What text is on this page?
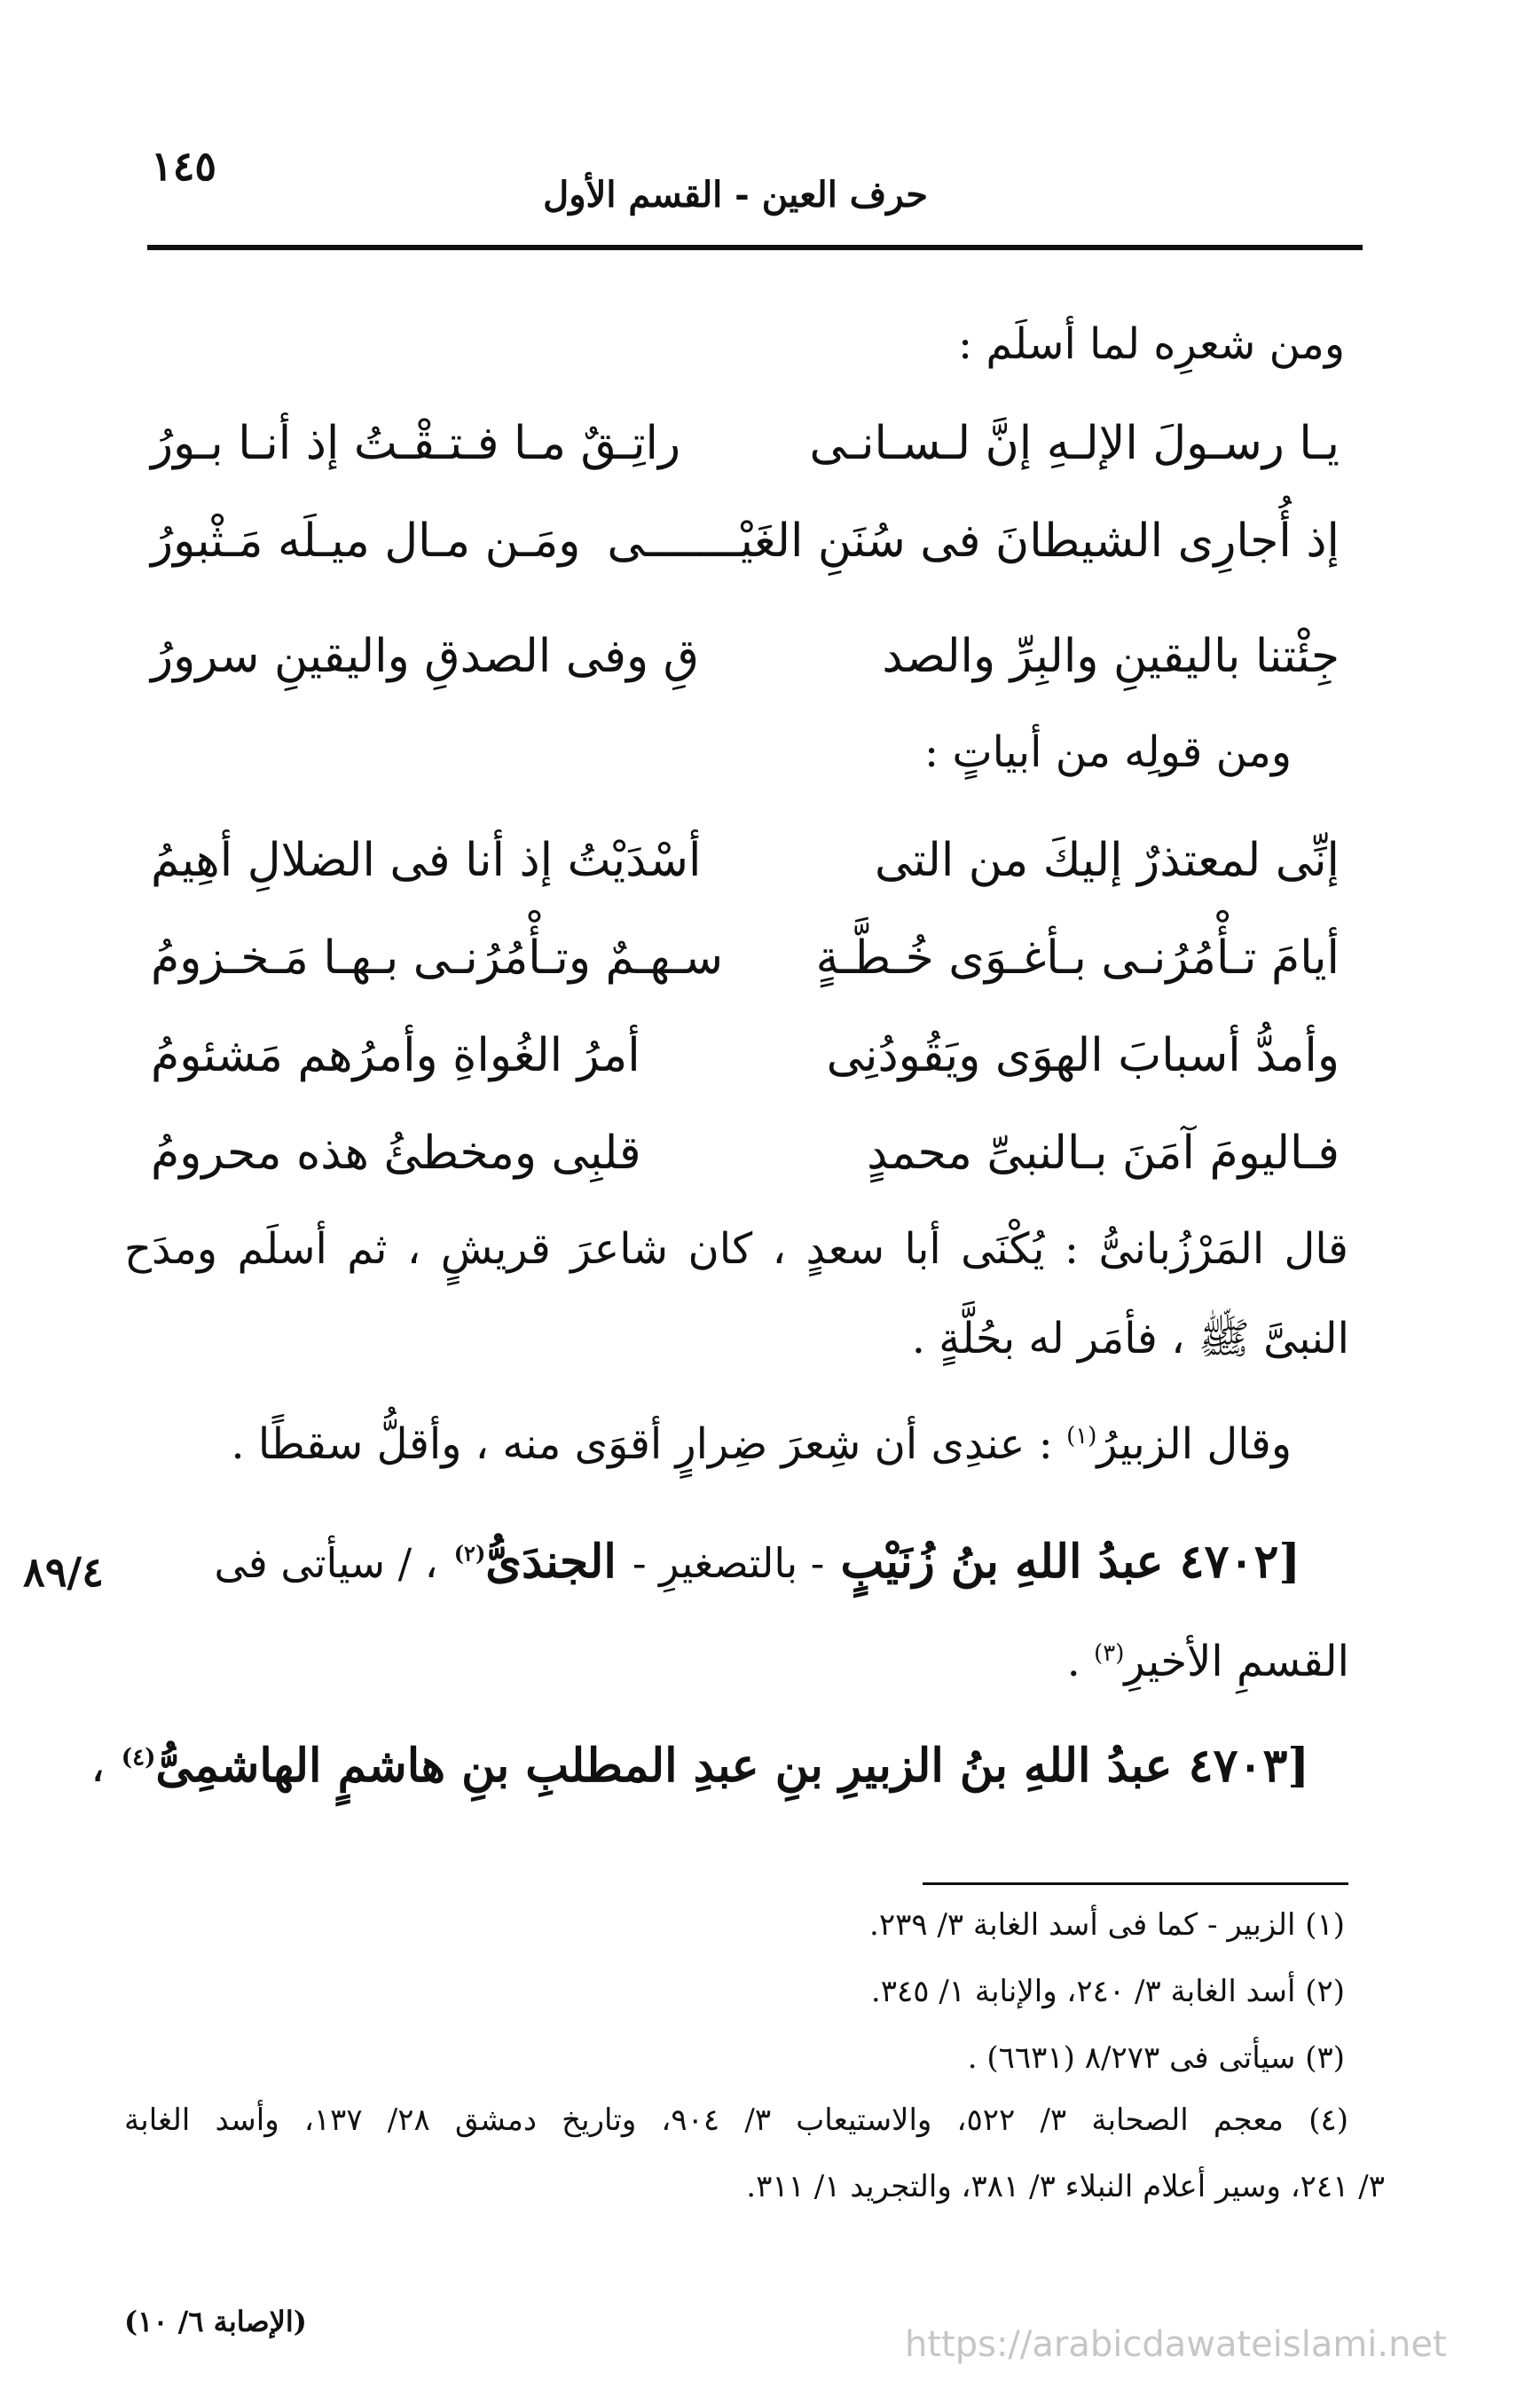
١٤٥
حرف العين - القسم الأول
ومن شعرِه لما أسلَم :
يـا رسـولَ الإلـهِ إنَّ لـسـانـى
راتِـقٌ مـا فـتـقْـتُ إذ أنـا بـورُ
إذ أُجارِى الشيطانَ فى سُنَنِ الغَيْـــــــى
ومَـن مـال ميـلَه مَـثْبورُ
جِئْتنا باليقينِ والبِرِّ والصد
قِ وفى الصدقِ واليقينِ سرورُ
ومن قولِه من أبياتٍ :
إنِّى لمعتذرٌ إليكَ من التى
أسْدَيْتُ إذ أنا فى الضلالِ أهِيمُ
أيامَ تـأْمُرُنـى بـأغـوَى خُـطَّـةٍ
سـهـمٌ وتـأْمُرُنـى بـهـا مَـخـزومُ
وأمدُّ أسبابَ الهوَى ويَقُودُنِى
أمرُ الغُواةِ وأمرُهم مَشئومُ
فـاليومَ آمَنَ بـالنبىِّ محمدٍ
قلبِى ومخطئُ هذه محرومُ
قال المَرْزُبانىُّ : يُكْنَى أبا سعدٍ ، كان شاعرَ قريشٍ ، ثم أسلَم ومدَح
النبىَّ ﷺ ، فأمَر له بحُلَّةٍ .
وقال الزبيرُ$^{(١)}$ : عندِى أن شِعرَ ضِرارٍ أقوَى منه ، وأقلُّ سقطًا .
[٤٧٠٢ عبدُ اللهِ بنُ زُنَيْبٍ - بالتصغيرِ - الجندَىُّ$^{(٢)}$ ، / سيأتى فى
٨٩/٤
القسمِ الأخيرِ$^{(٣)}$ .
[٤٧٠٣ عبدُ اللهِ بنُ الزبيرِ بنِ عبدِ المطلبِ بنِ هاشمٍ الهاشمِىُّ$^{(٤)}$ ،
(١) الزبير - كما فى أسد الغابة ٣/ ٢٣٩.
(٢) أسد الغابة ٣/ ٢٤٠، والإنابة ١/ ٣٤٥.
(٣) سيأتى فى ٨/٢٧٣ (٦٦٣١) .
(٤) معجم الصحابة ٣/ ٥٢٢، والاستيعاب ٣/ ٩٠٤، وتاريخ دمشق ٢٨/ ١٣٧، وأسد الغابة
٣/ ٢٤١، وسير أعلام النبلاء ٣/ ٣٨١، والتجريد ١/ ٣١١.
(الإصابة ٦/ ١٠)
https://arabicdawateislami.net
